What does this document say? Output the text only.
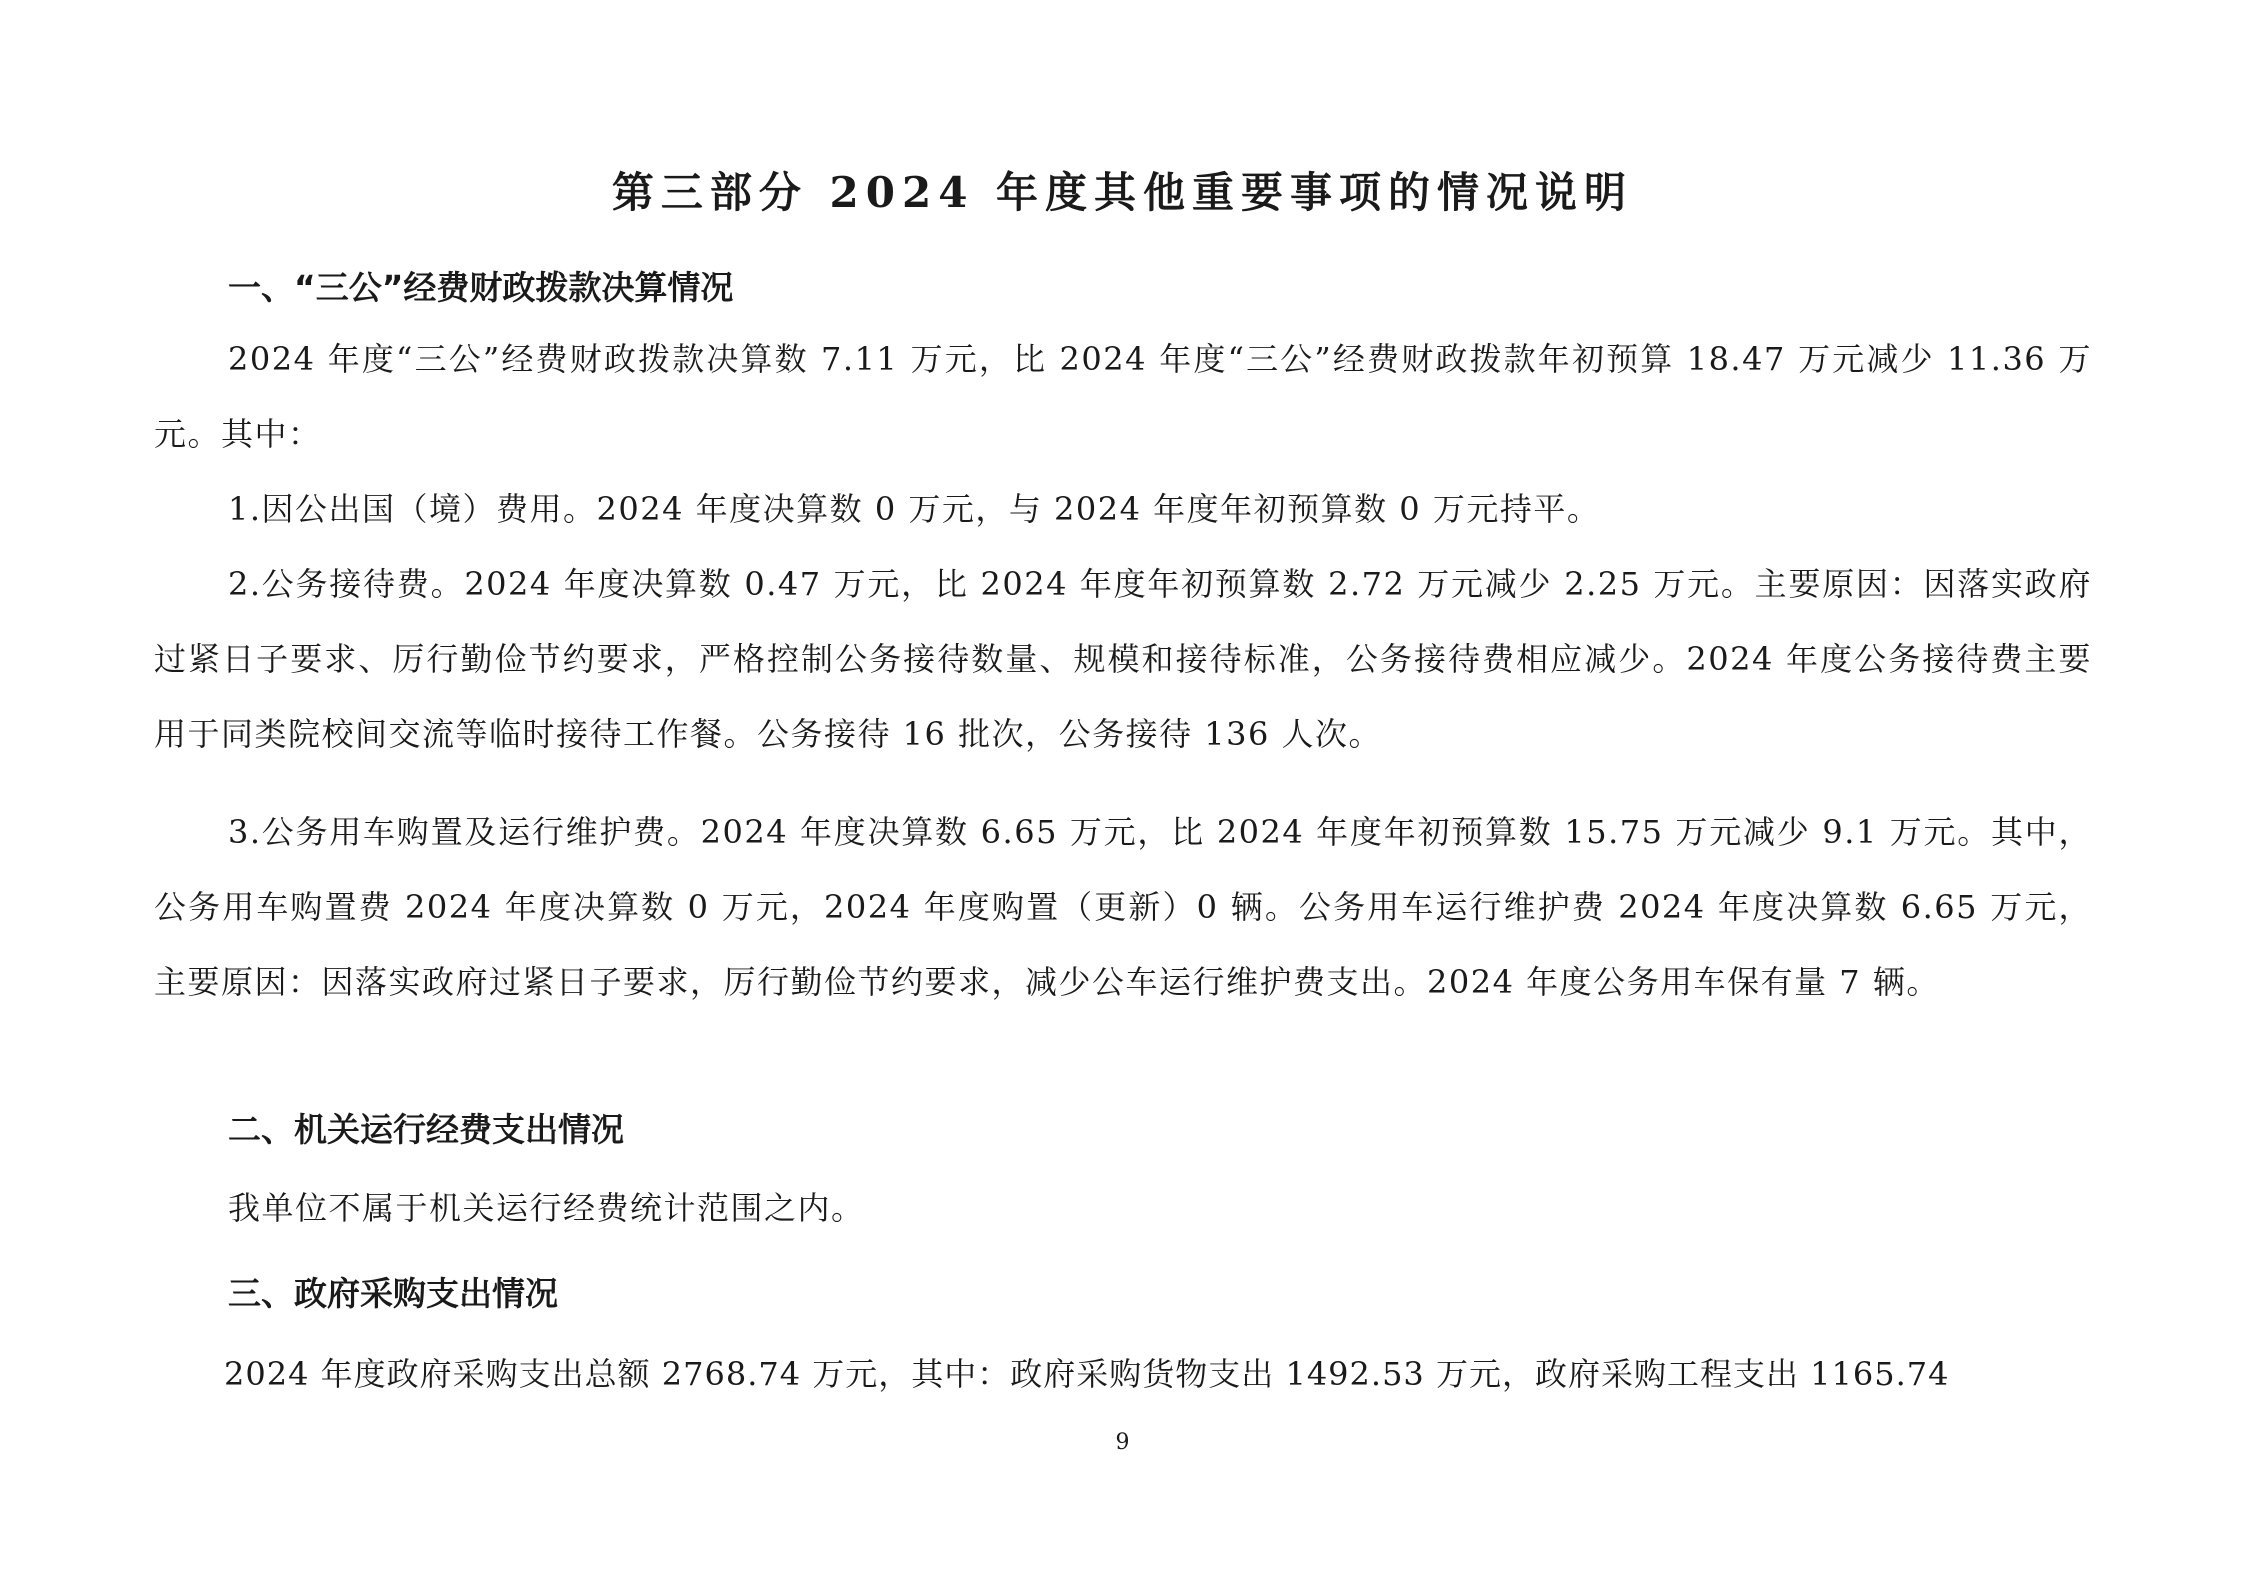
第三部分 2024 年度其他重要事项的情况说明
一、“三公”经费财政拨款决算情况

2024 年度“三公”经费财政拨款决算数 7.11 万元，比 2024 年度“三公”经费财政拨款年初预算 18.47 万元减少 11.36 万元。其中：

1.因公出国（境）费用。2024 年度决算数 0 万元，与 2024 年度年初预算数 0 万元持平。

2.公务接待费。2024 年度决算数 0.47 万元，比 2024 年度年初预算数 2.72 万元减少 2.25 万元。主要原因：因落实政府过紧日子要求、厉行勤俭节约要求，严格控制公务接待数量、规模和接待标准，公务接待费相应减少。2024 年度公务接待费主要用于同类院校间交流等临时接待工作餐。公务接待 16 批次，公务接待 136 人次。

3.公务用车购置及运行维护费。2024 年度决算数 6.65 万元，比 2024 年度年初预算数 15.75 万元减少 9.1 万元。其中，公务用车购置费 2024 年度决算数 0 万元，2024 年度购置（更新）0 辆。公务用车运行维护费 2024 年度决算数 6.65 万元，主要原因：因落实政府过紧日子要求，厉行勤俭节约要求，减少公车运行维护费支出。2024 年度公务用车保有量 7 辆。

二、机关运行经费支出情况

我单位不属于机关运行经费统计范围之内。

三、政府采购支出情况

2024 年度政府采购支出总额 2768.74 万元，其中：政府采购货物支出 1492.53 万元，政府采购工程支出 1165.74

9
